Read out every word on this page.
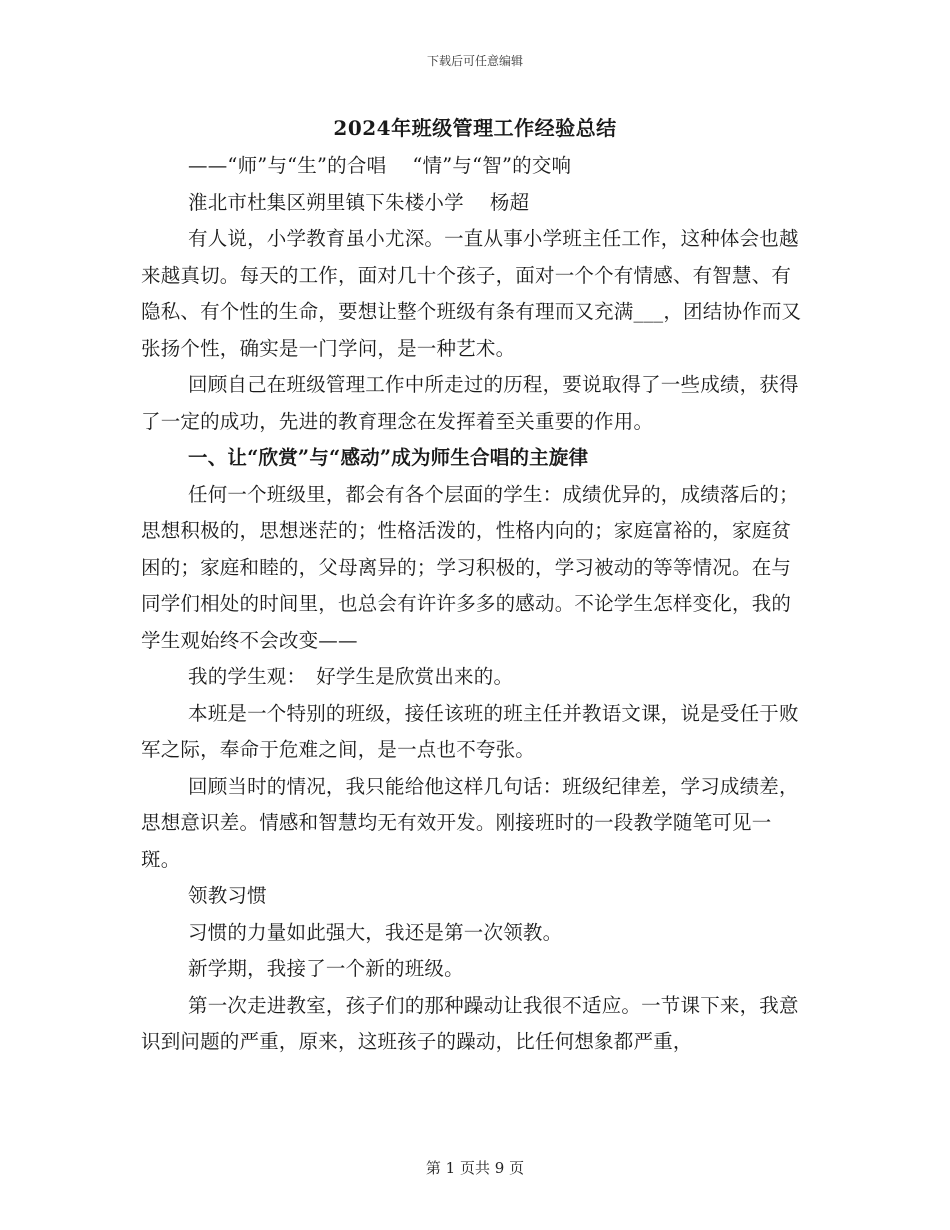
下载后可任意编辑
2024年班级管理工作经验总结

——“师”与“生”的合唱　 “情”与“智”的交响

淮北市杜集区朔里镇下朱楼小学　 杨超

有人说，小学教育虽小尤深。一直从事小学班主任工作，这种体会也越来越真切。每天的工作，面对几十个孩子，面对一个个有情感、有智慧、有隐私、有个性的生命，要想让整个班级有条有理而又充满___，团结协作而又张扬个性，确实是一门学问，是一种艺术。

回顾自己在班级管理工作中所走过的历程，要说取得了一些成绩，获得了一定的成功，先进的教育理念在发挥着至关重要的作用。

一、让“欣赏”与“感动”成为师生合唱的主旋律

任何一个班级里，都会有各个层面的学生：成绩优异的，成绩落后的；思想积极的，思想迷茫的；性格活泼的，性格内向的；家庭富裕的，家庭贫困的；家庭和睦的，父母离异的；学习积极的，学习被动的等等情况。在与同学们相处的时间里，也总会有许许多多的感动。不论学生怎样变化，我的学生观始终不会改变——

我的学生观：　好学生是欣赏出来的。

本班是一个特别的班级，接任该班的班主任并教语文课，说是受任于败军之际，奉命于危难之间，是一点也不夸张。

回顾当时的情况，我只能给他这样几句话：班级纪律差，学习成绩差，思想意识差。情感和智慧均无有效开发。刚接班时的一段教学随笔可见一斑。

领教习惯

习惯的力量如此强大，我还是第一次领教。

新学期，我接了一个新的班级。

第一次走进教室，孩子们的那种躁动让我很不适应。一节课下来，我意识到问题的严重，原来，这班孩子的躁动，比任何想象都严重，

第 1 页共 9 页
